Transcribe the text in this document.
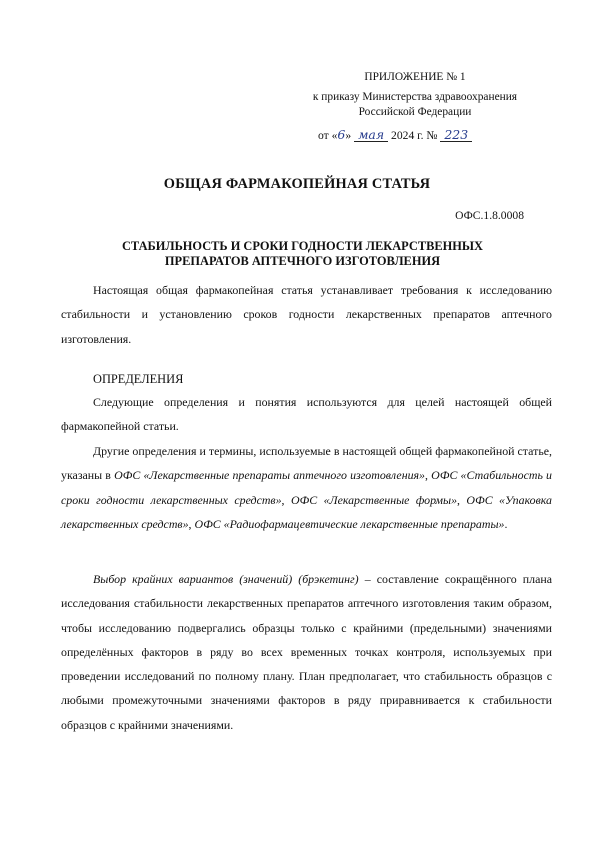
ПРИЛОЖЕНИЕ № 1
к приказу Министерства здравоохранения
Российской Федерации
от «6» мая 2024 г. № 223
ОБЩАЯ ФАРМАКОПЕЙНАЯ СТАТЬЯ
ОФС.1.8.0008
СТАБИЛЬНОСТЬ И СРОКИ ГОДНОСТИ ЛЕКАРСТВЕННЫХ
ПРЕПАРАТОВ АПТЕЧНОГО ИЗГОТОВЛЕНИЯ

Настоящая общая фармакопейная статья устанавливает требования к исследованию стабильности и установлению сроков годности лекарственных препаратов аптечного изготовления.

ОПРЕДЕЛЕНИЯ

Следующие определения и понятия используются для целей настоящей общей фармакопейной статьи.

Другие определения и термины, используемые в настоящей общей фармакопейной статье, указаны в ОФС «Лекарственные препараты аптечного изготовления», ОФС «Стабильность и сроки годности лекарственных средств», ОФС «Лекарственные формы», ОФС «Упаковка лекарственных средств», ОФС «Радиофармацевтические лекарственные препараты».

Выбор крайних вариантов (значений) (брэкетинг) – составление сокращённого плана исследования стабильности лекарственных препаратов аптечного изготовления таким образом, чтобы исследованию подвергались образцы только с крайними (предельными) значениями определённых факторов в ряду во всех временных точках контроля, используемых при проведении исследований по полному плану. План предполагает, что стабильность образцов с любыми промежуточными значениями факторов в ряду приравнивается к стабильности образцов с крайними значениями.
